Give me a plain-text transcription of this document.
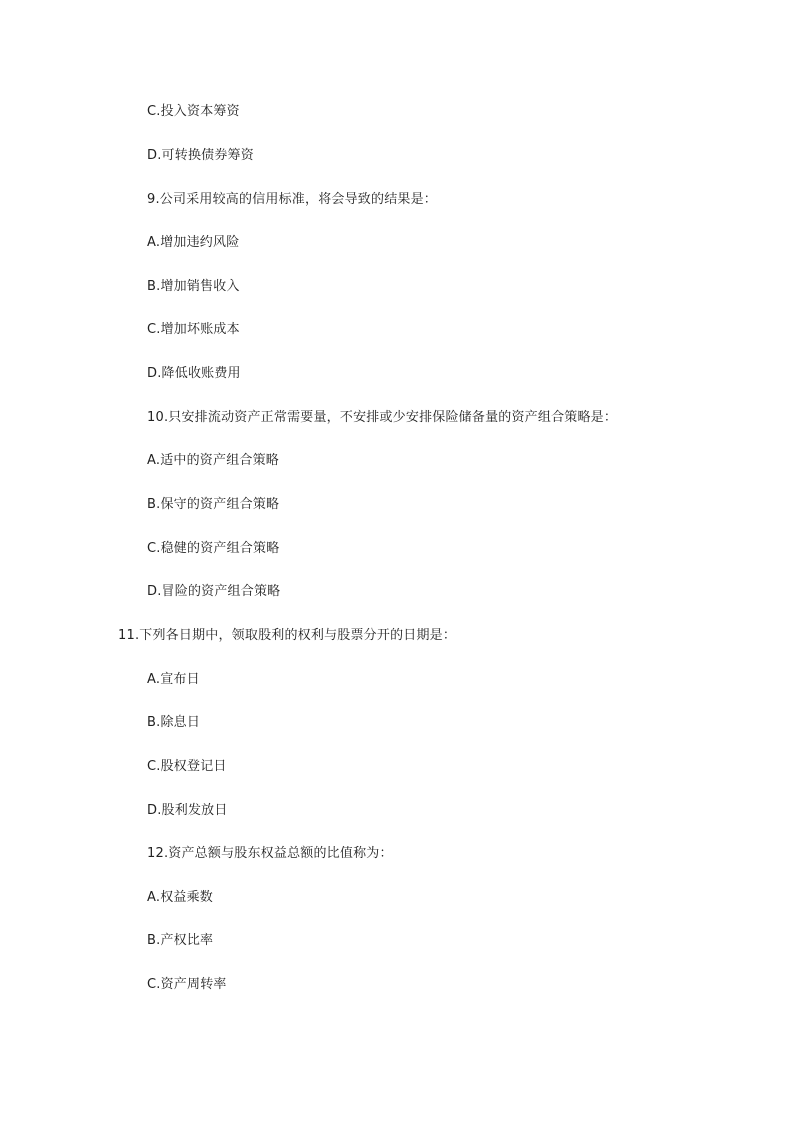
C.投入资本筹资
D.可转换债券筹资
9.公司采用较高的信用标准，将会导致的结果是：
A.增加违约风险
B.增加销售收入
C.增加坏账成本
D.降低收账费用
10.只安排流动资产正常需要量，不安排或少安排保险储备量的资产组合策略是：
A.适中的资产组合策略
B.保守的资产组合策略
C.稳健的资产组合策略
D.冒险的资产组合策略
11.下列各日期中，领取股利的权利与股票分开的日期是：
A.宣布日
B.除息日
C.股权登记日
D.股利发放日
12.资产总额与股东权益总额的比值称为：
A.权益乘数
B.产权比率
C.资产周转率
